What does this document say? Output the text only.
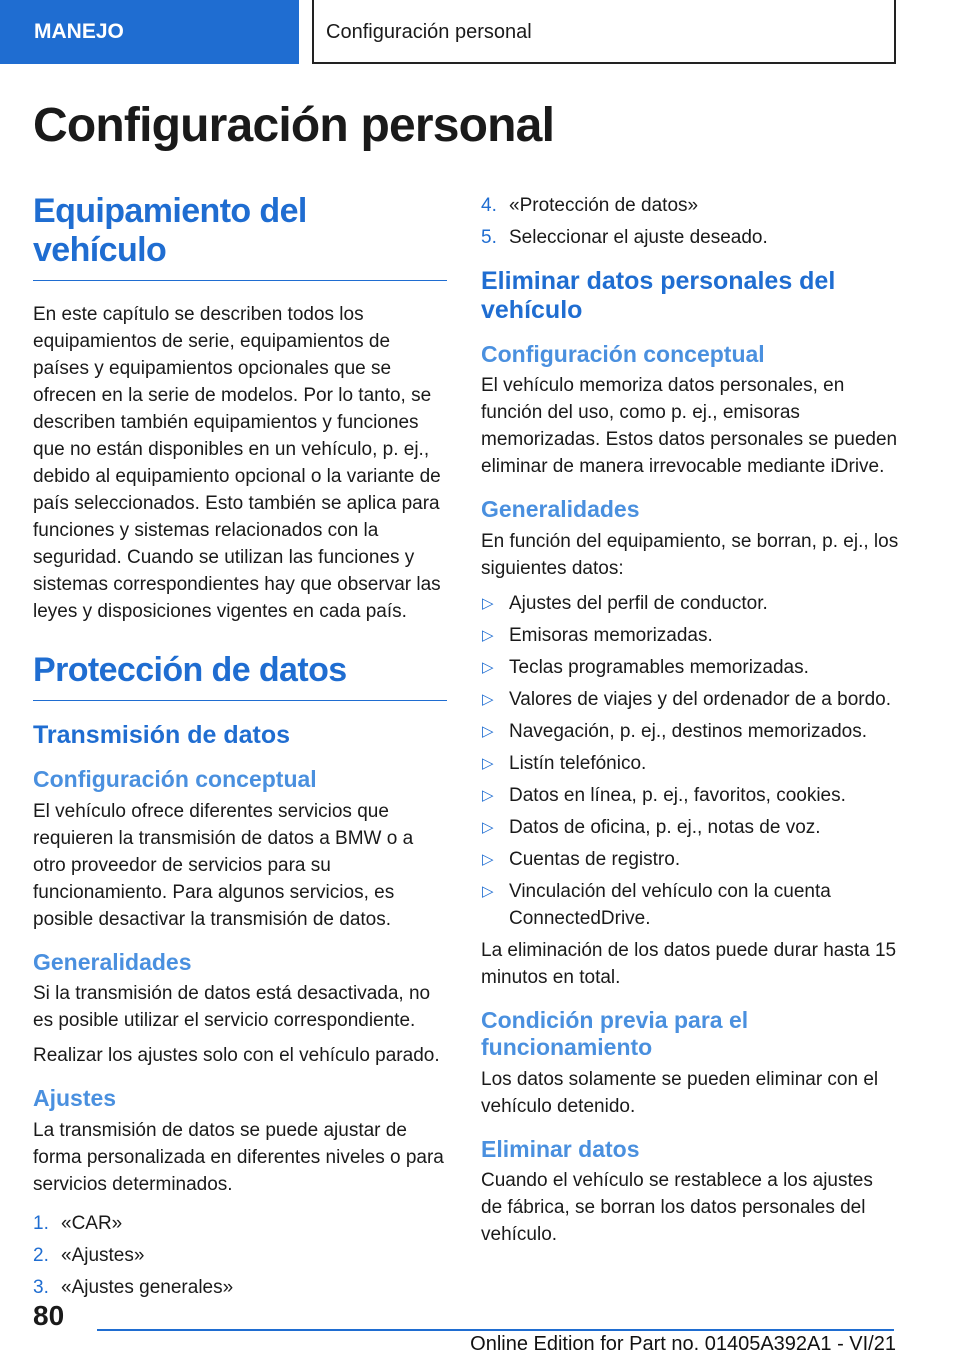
MANEJO	Configuración personal
Configuración personal
Equipamiento del vehículo

En este capítulo se describen todos los equipamientos de serie, equipamientos de países y equipamientos opcionales que se ofrecen en la serie de modelos. Por lo tanto, se describen también equipamientos y funciones que no están disponibles en un vehículo, p. ej., debido al equipamiento opcional o la variante de país seleccionados. Esto también se aplica para funciones y sistemas relacionados con la seguridad. Cuando se utilizan las funciones y sistemas correspondientes hay que observar las leyes y disposiciones vigentes en cada país.

Protección de datos
Transmisión de datos
Configuración conceptual

El vehículo ofrece diferentes servicios que requieren la transmisión de datos a BMW o a otro proveedor de servicios para su funcionamiento. Para algunos servicios, es posible desactivar la transmisión de datos.

Generalidades

Si la transmisión de datos está desactivada, no es posible utilizar el servicio correspondiente.

Realizar los ajustes solo con el vehículo parado.

Ajustes

La transmisión de datos se puede ajustar de forma personalizada en diferentes niveles o para servicios determinados.

1. «CAR»
2. «Ajustes»
3. «Ajustes generales»
4. «Protección de datos»
5. Seleccionar el ajuste deseado.
Eliminar datos personales del vehículo
Configuración conceptual

El vehículo memoriza datos personales, en función del uso, como p. ej., emisoras memorizadas. Estos datos personales se pueden eliminar de manera irrevocable mediante iDrive.

Generalidades

En función del equipamiento, se borran, p. ej., los siguientes datos:

▷ Ajustes del perfil de conductor.
▷ Emisoras memorizadas.
▷ Teclas programables memorizadas.
▷ Valores de viajes y del ordenador de a bordo.
▷ Navegación, p. ej., destinos memorizados.
▷ Listín telefónico.
▷ Datos en línea, p. ej., favoritos, cookies.
▷ Datos de oficina, p. ej., notas de voz.
▷ Cuentas de registro.
▷ Vinculación del vehículo con la cuenta ConnectedDrive.

La eliminación de los datos puede durar hasta 15 minutos en total.

Condición previa para el funcionamiento

Los datos solamente se pueden eliminar con el vehículo detenido.

Eliminar datos

Cuando el vehículo se restablece a los ajustes de fábrica, se borran los datos personales del vehículo.

80
Online Edition for Part no. 01405A392A1 - VI/21
